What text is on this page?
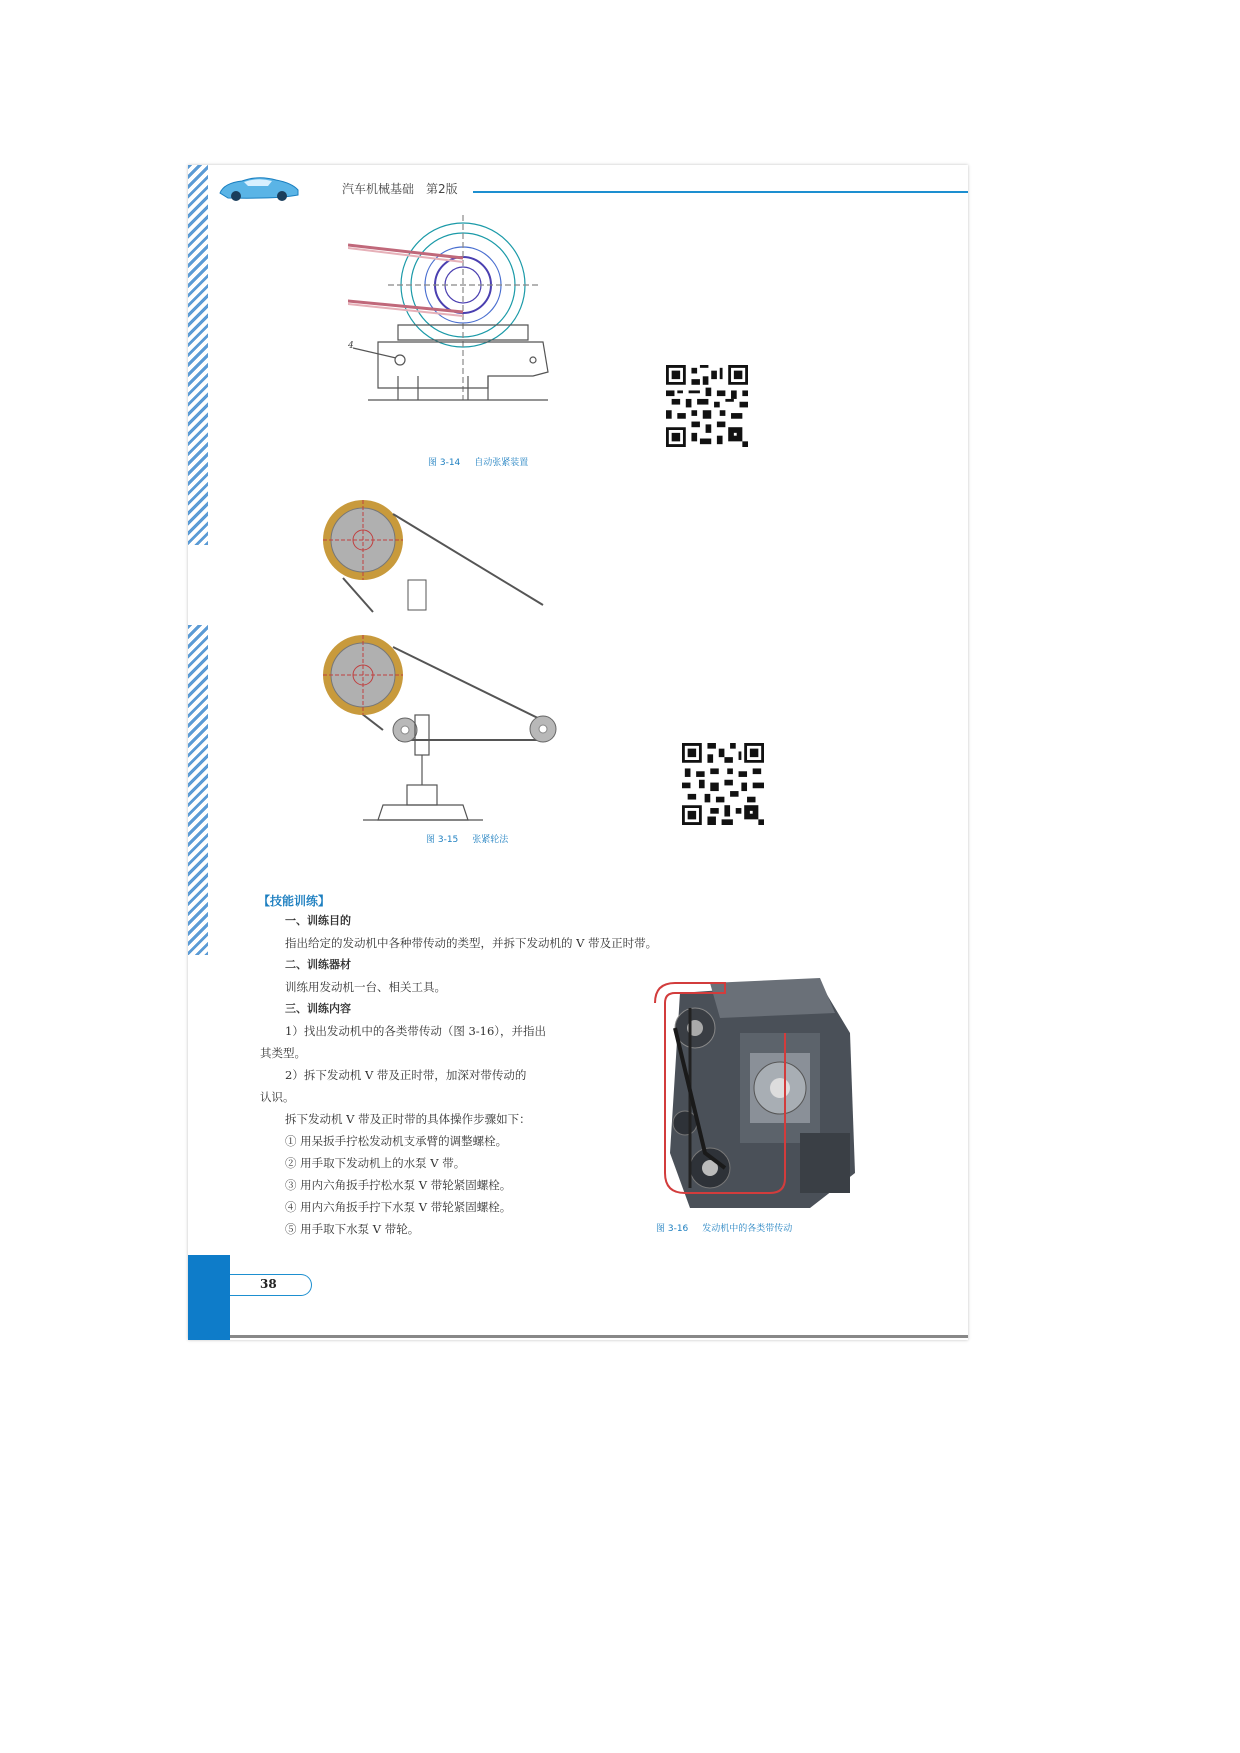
汽车机械基础 第2版
4
图 3-14 自动张紧装置
图 3-15 张紧轮法
【技能训练】
一、训练目的
指出给定的发动机中各种带传动的类型，并拆下发动机的 V 带及正时带。
二、训练器材
训练用发动机一台、相关工具。
三、训练内容
1）找出发动机中的各类带传动（图 3-16），并指出
其类型。
2）拆下发动机 V 带及正时带，加深对带传动的
认识。
拆下发动机 V 带及正时带的具体操作步骤如下：
① 用呆扳手拧松发动机支承臂的调整螺栓。
② 用手取下发动机上的水泵 V 带。
③ 用内六角扳手拧松水泵 V 带轮紧固螺栓。
④ 用内六角扳手拧下水泵 V 带轮紧固螺栓。
⑤ 用手取下水泵 V 带轮。	图 3-16 发动机中的各类带传动
38
